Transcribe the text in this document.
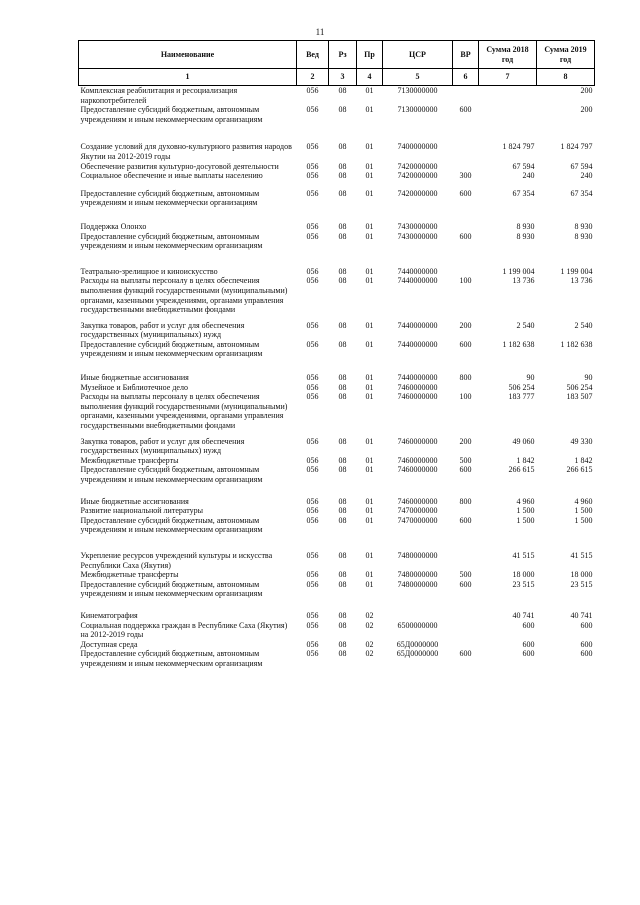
11
Наименование	Вед	Рз	Пр	ЦСР	ВР	Сумма 2018 год	Сумма 2019 год
1	2	3	4	5	6	7	8
Комплексная реабилитация и ресоциализация наркопотребителей	056	08	01	7130000000			200
Предоставление субсидий бюджетным, автономным учреждениям и иным некоммерческим организациям	056	08	01	7130000000	600		200

Создание условий для духовно-культурного развития народов Якутии на 2012-2019 годы	056	08	01	7400000000		1 824 797	1 824 797
Обеспечение развития культурно-досуговой деятельности	056	08	01	7420000000		67 594	67 594
Социальное обеспечение и иные выплаты населению	056	08	01	7420000000	300	240	240

Предоставление субсидий бюджетным, автономным учреждениям и иным некоммерчески организациям	056	08	01	7420000000	600	67 354	67 354

Поддержка Олонхо	056	08	01	7430000000		8 930	8 930
Предоставление субсидий бюджетным, автономным учреждениям и иным некоммерческим организациям	056	08	01	7430000000	600	8 930	8 930

Театрально-зрелищное и киноискусство	056	08	01	7440000000		1 199 004	1 199 004
Расходы на выплаты персоналу в целях обеспечения выполнения функций государственными (муниципальными) органами, казенными учреждениями, органами управления государственными внебюджетными фондами	056	08	01	7440000000	100	13 736	13 736

Закупка товаров, работ и услуг для обеспечения государственных (муниципальных) нужд	056	08	01	7440000000	200	2 540	2 540
Предоставление субсидий бюджетным, автономным учреждениям и иным некоммерческим организациям	056	08	01	7440000000	600	1 182 638	1 182 638

Иные бюджетные ассигнования	056	08	01	7440000000	800	90	90
Музейное и Библиотечное дело	056	08	01	7460000000		506 254	506 254
Расходы на выплаты персоналу в целях обеспечения выполнения функций государственными (муниципальными) органами, казенными учреждениями, органами управления государственными внебюджетными фондами	056	08	01	7460000000	100	183 777	183 507

Закупка товаров, работ и услуг для обеспечения государственных (муниципальных) нужд	056	08	01	7460000000	200	49 060	49 330
Межбюджетные трансферты	056	08	01	7460000000	500	1 842	1 842
Предоставление субсидий бюджетным, автономным учреждениям и иным некоммерческим организациям	056	08	01	7460000000	600	266 615	266 615

Иные бюджетные ассигнования	056	08	01	7460000000	800	4 960	4 960
Развитие национальной литературы	056	08	01	7470000000		1 500	1 500
Предоставление субсидий бюджетным, автономным учреждениям и иным некоммерческим организациям	056	08	01	7470000000	600	1 500	1 500

Укрепление ресурсов учреждений культуры и искусства Республики Саха (Якутия)	056	08	01	7480000000		41 515	41 515
Межбюджетные трансферты	056	08	01	7480000000	500	18 000	18 000
Предоставление субсидий бюджетным, автономным учреждениям и иным некоммерческим организациям	056	08	01	7480000000	600	23 515	23 515

Кинематография	056	08	02			40 741	40 741
Социальная поддержка граждан в Республике Саха (Якутия) на 2012-2019 годы	056	08	02	6500000000		600	600
Доступная среда	056	08	02	65Д0000000		600	600
Предоставление субсидий бюджетным, автономным учреждениям и иным некоммерческим организациям	056	08	02	65Д0000000	600	600	600
